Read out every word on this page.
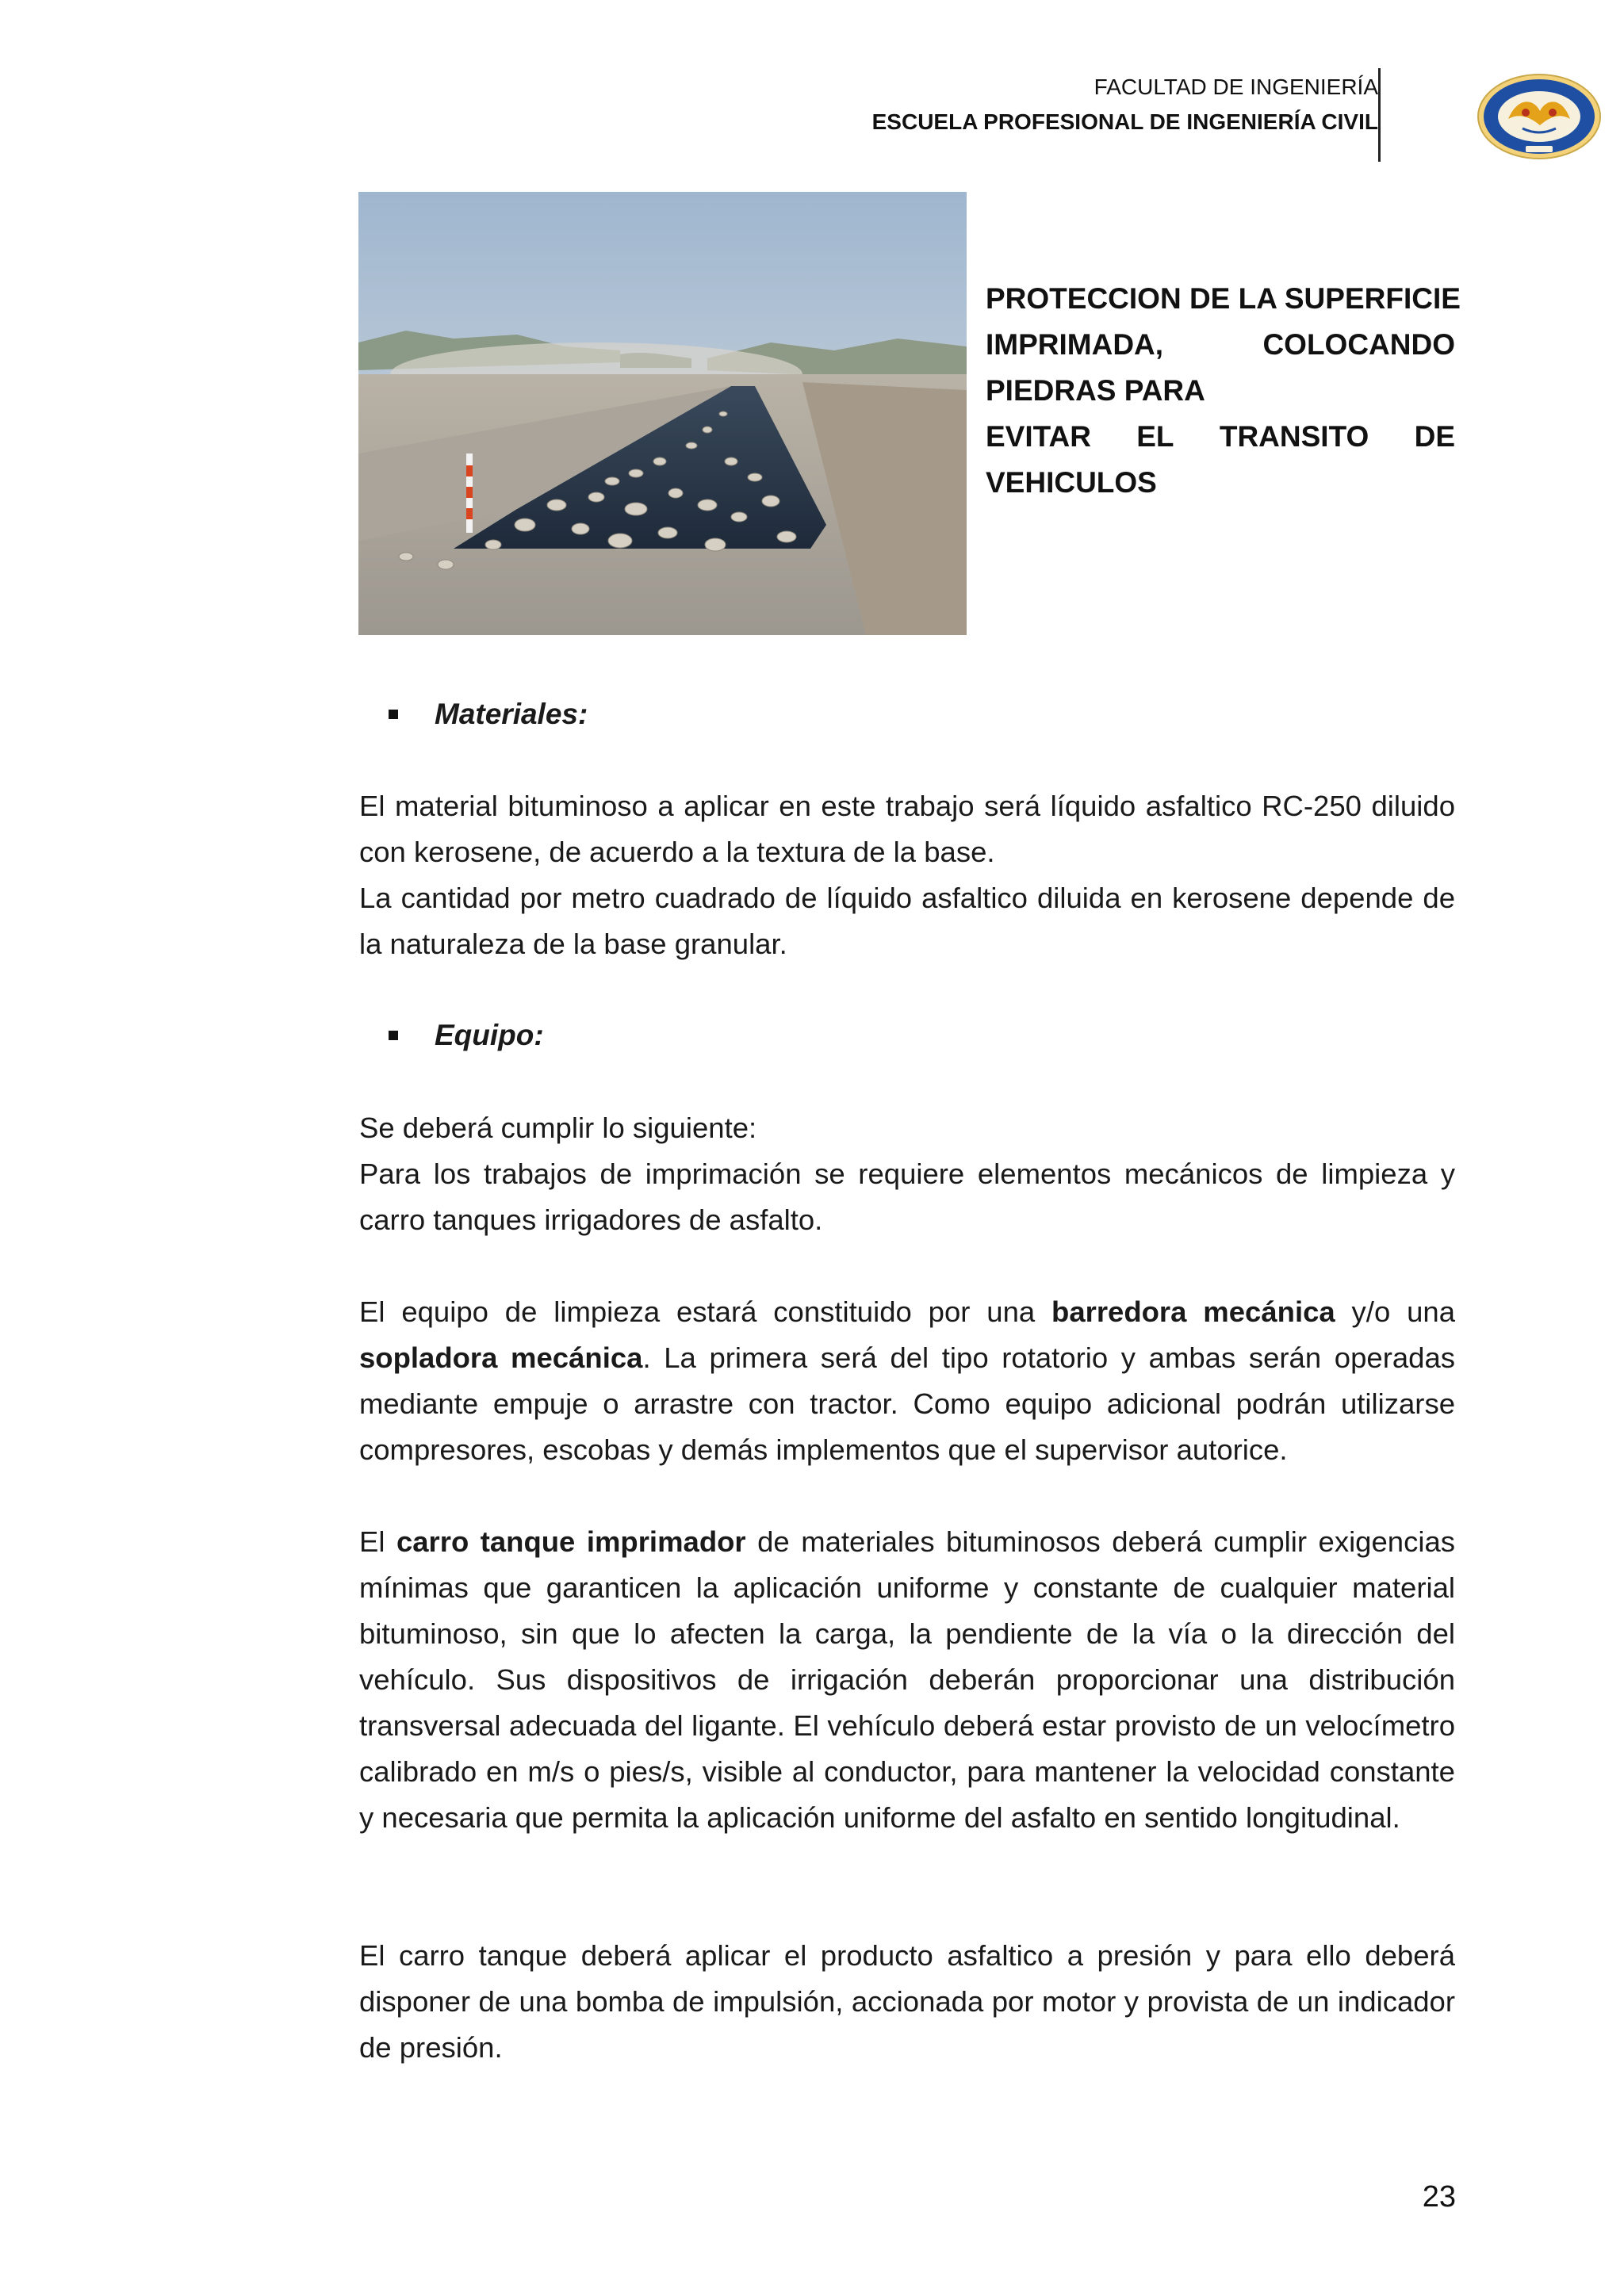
FACULTAD DE INGENIERÍA
ESCUELA PROFESIONAL DE INGENIERÍA CIVIL
PROTECCION DE LA SUPERFICIE
IMPRIMADA,	COLOCANDO
PIEDRAS PARA
EVITAR EL TRANSITO DE
VEHICULOS
Materiales:

El material bituminoso a aplicar en este trabajo será líquido asfaltico RC-250 diluido con kerosene, de acuerdo a la textura de la base.

La cantidad por metro cuadrado de líquido asfaltico diluida en kerosene depende de la naturaleza de la base granular.

Equipo:

Se deberá cumplir lo siguiente:

Para los trabajos de imprimación se requiere elementos mecánicos de limpieza y carro tanques irrigadores de asfalto.

El equipo de limpieza estará constituido por una barredora mecánica y/o una sopladora mecánica. La primera será del tipo rotatorio y ambas serán operadas mediante empuje o arrastre con tractor. Como equipo adicional podrán utilizarse compresores, escobas y demás implementos que el supervisor autorice.

El carro tanque imprimador de materiales bituminosos deberá cumplir exigencias mínimas que garanticen la aplicación uniforme y constante de cualquier material bituminoso, sin que lo afecten la carga, la pendiente de la vía o la dirección del vehículo. Sus dispositivos de irrigación deberán proporcionar una distribución transversal adecuada del ligante. El vehículo deberá estar provisto de un velocímetro calibrado en m/s o pies/s, visible al conductor, para mantener la velocidad constante y necesaria que permita la aplicación uniforme del asfalto en sentido longitudinal.

El carro tanque deberá aplicar el producto asfaltico a presión y para ello deberá disponer de una bomba de impulsión, accionada por motor y provista de un indicador de presión.

23
